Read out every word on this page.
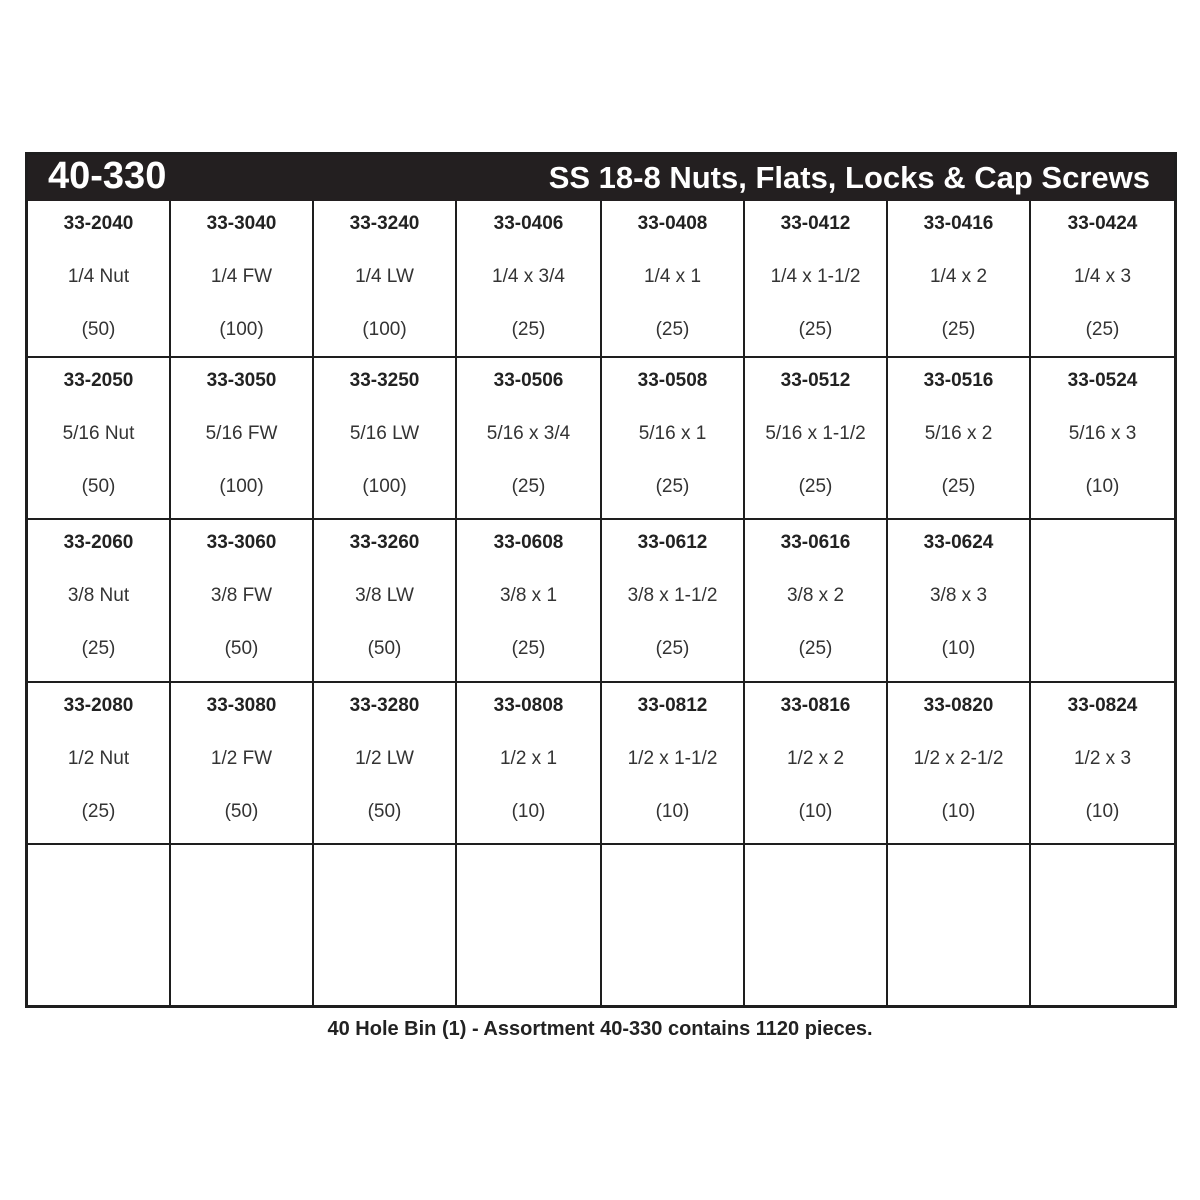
40-330	SS 18-8 Nuts, Flats, Locks & Cap Screws
33-2040
1/4 Nut
(50)
33-3040
1/4 FW
(100)
33-3240
1/4 LW
(100)
33-0406
1/4 x 3/4
(25)
33-0408
1/4 x 1
(25)
33-0412
1/4 x 1-1/2
(25)
33-0416
1/4 x 2
(25)
33-0424
1/4 x 3
(25)
33-2050
5/16 Nut
(50)
33-3050
5/16 FW
(100)
33-3250
5/16 LW
(100)
33-0506
5/16 x 3/4
(25)
33-0508
5/16 x 1
(25)
33-0512
5/16 x 1-1/2
(25)
33-0516
5/16 x 2
(25)
33-0524
5/16 x 3
(10)
33-2060
3/8 Nut
(25)
33-3060
3/8 FW
(50)
33-3260
3/8 LW
(50)
33-0608
3/8 x 1
(25)
33-0612
3/8 x 1-1/2
(25)
33-0616
3/8 x 2
(25)
33-0624
3/8 x 3
(10)
33-2080
1/2 Nut
(25)
33-3080
1/2 FW
(50)
33-3280
1/2 LW
(50)
33-0808
1/2 x 1
(10)
33-0812
1/2 x 1-1/2
(10)
33-0816
1/2 x 2
(10)
33-0820
1/2 x 2-1/2
(10)
33-0824
1/2 x 3
(10)
40 Hole Bin (1) - Assortment 40-330 contains 1120 pieces.
